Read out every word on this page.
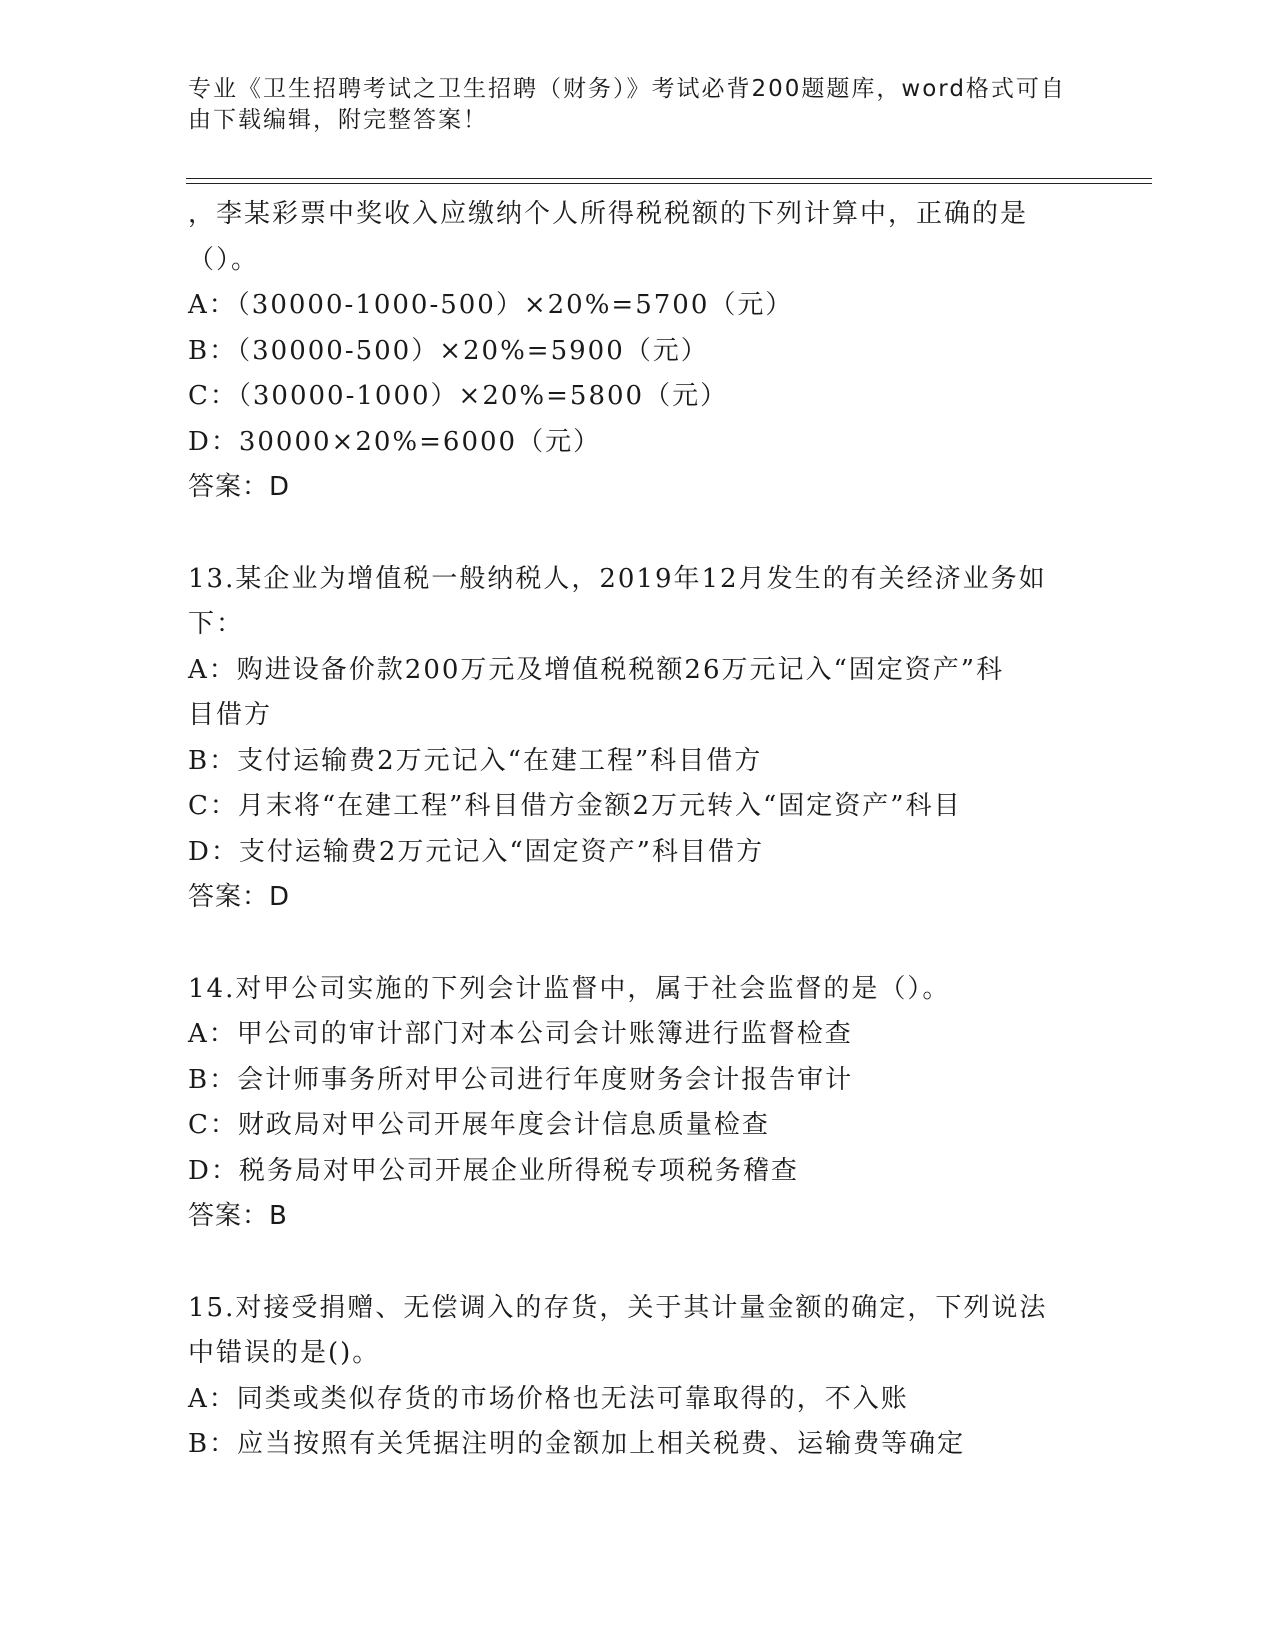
专业《卫生招聘考试之卫生招聘（财务）》考试必背200题题库，word格式可自
由下载编辑，附完整答案！
，李某彩票中奖收入应缴纳个人所得税税额的下列计算中，正确的是
（）。
A：（30000-1000-500）×20%=5700（元）
B：（30000-500）×20%=5900（元）
C：（30000-1000）×20%=5800（元）
D：30000×20%=6000（元）
答案：D
13.某企业为增值税一般纳税人，2019年12月发生的有关经济业务如
下：
A：购进设备价款200万元及增值税税额26万元记入“固定资产”科
目借方
B：支付运输费2万元记入“在建工程”科目借方
C：月末将“在建工程”科目借方金额2万元转入“固定资产”科目
D：支付运输费2万元记入“固定资产”科目借方
答案：D
14.对甲公司实施的下列会计监督中，属于社会监督的是（）。
A：甲公司的审计部门对本公司会计账簿进行监督检查
B：会计师事务所对甲公司进行年度财务会计报告审计
C：财政局对甲公司开展年度会计信息质量检查
D：税务局对甲公司开展企业所得税专项税务稽查
答案：B
15.对接受捐赠、无偿调入的存货，关于其计量金额的确定，下列说法
中错误的是()。
A：同类或类似存货的市场价格也无法可靠取得的，不入账
B：应当按照有关凭据注明的金额加上相关税费、运输费等确定
